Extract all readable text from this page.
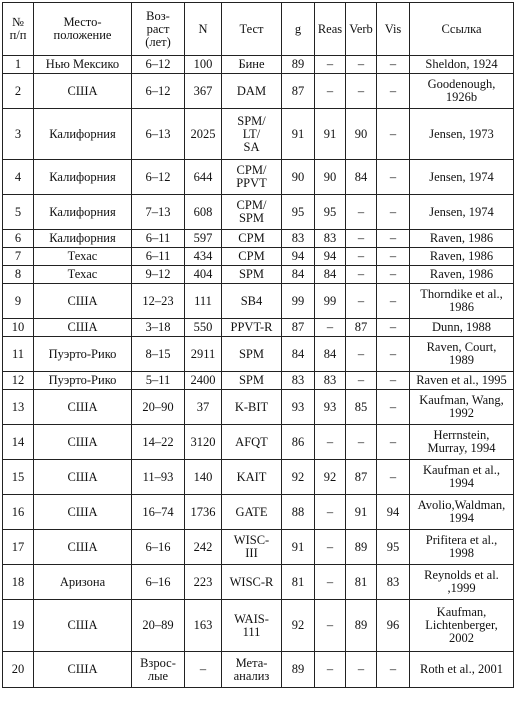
№
п/п	Место-
положение	Воз-
раст
(лет)	N	Тест	g	Reas	Verb	Vis	Ссылка
1	Нью Мексико	6–12	100	Бине	89	–	–	–	Sheldon, 1924
2	США	6–12	367	DAM	87	–	–	–	Goodenough,
1926b
3	Калифорния	6–13	2025	SPM/
LT/
SA	91	91	90	–	Jensen, 1973
4	Калифорния	6–12	644	CPM/
PPVT	90	90	84	–	Jensen, 1974
5	Калифорния	7–13	608	CPM/
SPM	95	95	–	–	Jensen, 1974
6	Калифорния	6–11	597	CPM	83	83	–	–	Raven, 1986
7	Техас	6–11	434	CPM	94	94	–	–	Raven, 1986
8	Техас	9–12	404	SPM	84	84	–	–	Raven, 1986
9	США	12–23	111	SB4	99	99	–	–	Thorndike et al.,
1986
10	США	3–18	550	PPVT-R	87	–	87	–	Dunn, 1988
11	Пуэрто-Рико	8–15	2911	SPM	84	84	–	–	Raven, Court,
1989
12	Пуэрто-Рико	5–11	2400	SPM	83	83	–	–	Raven et al., 1995
13	США	20–90	37	K-BIT	93	93	85	–	Kaufman, Wang,
1992
14	США	14–22	3120	AFQT	86	–	–	–	Herrnstein,
Murray, 1994
15	США	11–93	140	KAIT	92	92	87	–	Kaufman et al.,
1994
16	США	16–74	1736	GATE	88	–	91	94	Avolio,Waldman,
1994
17	США	6–16	242	WISC-
III	91	–	89	95	Prifitera et al.,
1998
18	Аризона	6–16	223	WISC-R	81	–	81	83	Reynolds et al.
,1999
19	США	20–89	163	WAIS-
111	92	–	89	96	Kaufman,
Lichtenberger,
2002
20	США	Взрос-
лые	–	Мета-
анализ	89	–	–	–	Roth et al., 2001
